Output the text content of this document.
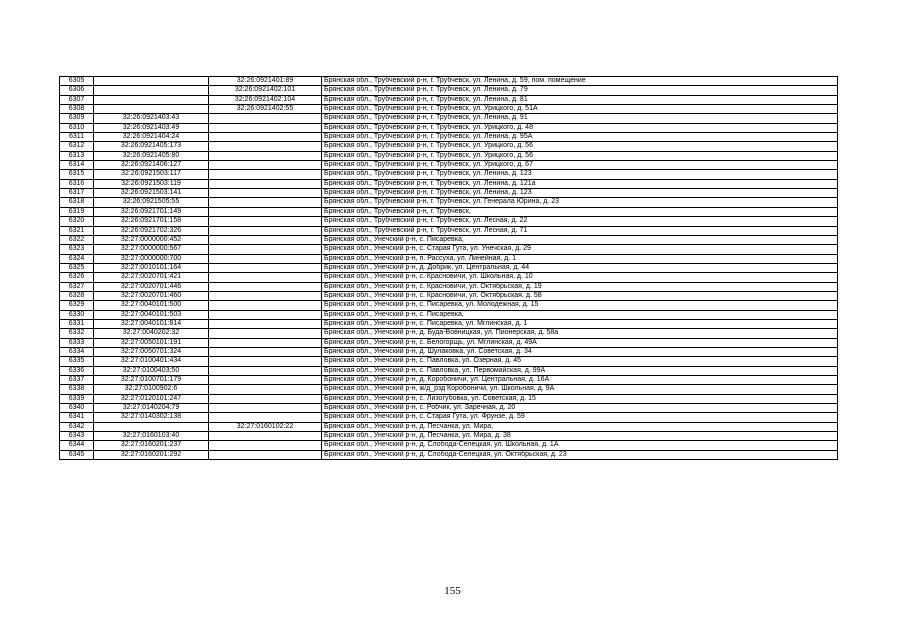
6305		32:26:0921401:89	Брянская обл., Трубчевский р-н, г. Трубчевск, ул. Ленина, д. 59, пом. помещение
6306		32:26:0921402:101	Брянская обл., Трубчевский р-н, г. Трубчевск, ул. Ленина, д. 79
6307		32:26:0921402:104	Брянская обл., Трубчевский р-н, г. Трубчевск, ул. Ленина, д. 81
6308		32:26:0921402:55	Брянская обл., Трубчевский р-н, г. Трубчевск, ул. Урицкого, д. 51А
6309	32:26:0921403:43		Брянская обл., Трубчевский р-н, г. Трубчевск, ул. Ленина, д. 91
6310	32:26:0921403:49		Брянская обл., Трубчевский р-н, г. Трубчевск, ул. Урицкого, д. 48
6311	32:26:0921404:24		Брянская обл., Трубчевский р-н, г. Трубчевск, ул. Ленина, д. 95А
6312	32:26:0921405:173		Брянская обл., Трубчевский р-н, г. Трубчевск, ул. Урицкого, д. 56
6313	32:26:0921405:80		Брянская обл., Трубчевский р-н, г. Трубчевск, ул. Урицкого, д. 56
6314	32:26:0921406:127		Брянская обл., Трубчевский р-н, г. Трубчевск, ул. Урицкого, д. 67
6315	32:26:0921503:117		Брянская обл., Трубчевский р-н, г. Трубчевск, ул. Ленина, д. 123
6316	32:26:0921503:119		Брянская обл., Трубчевский р-н, г. Трубчевск, ул. Ленина, д. 121а
6317	32:26:0921503:141		Брянская обл., Трубчевский р-н, г. Трубчевск, ул. Ленина, д. 123
6318	32:26:0921505:55		Брянская обл., Трубчевский р-н, г. Трубчевск, ул. Генерала Юрина, д. 23
6319	32:26:0921701:149		Брянская обл., Трубчевский р-н, г. Трубчевск,
6320	32:26:0921701:158		Брянская обл., Трубчевский р-н, г. Трубчевск, ул. Лесная, д. 22
6321	32:26:0921702:326		Брянская обл., Трубчевский р-н, г. Трубчевск, ул. Лесная, д. 71
6322	32:27:0000000:452		Брянская обл., Унечский р-н, с. Писаревка,
6323	32:27:0000000:567		Брянская обл., Унечский р-н, с. Старая Гута, ул. Унечская, д. 29
6324	32:27:0000000:700		Брянская обл., Унечский р-н, п. Рассуха, ул. Линейная, д. 1
6325	32:27:0010101:164		Брянская обл., Унечский р-н, д. Добрик, ул. Центральная, д. 44
6326	32:27:0020701:421		Брянская обл., Унечский р-н, с. Красновичи, ул. Школьная, д. 10
6327	32:27:0020701:446		Брянская обл., Унечский р-н, с. Красновичи, ул. Октябрьская, д. 19
6328	32:27:0020701:460		Брянская обл., Унечский р-н, с. Красновичи, ул. Октябрьская, д. 58
6329	32:27:0040101:500		Брянская обл., Унечский р-н, с. Писаревка, ул. Молодежная, д. 15
6330	32:27:0040101:503		Брянская обл., Унечский р-н, с. Писаревка,
6331	32:27:0040101:814		Брянская обл., Унечский р-н, с. Писаревка, ул. Мглинская, д. 1
6332	32:27:0040202:32		Брянская обл., Унечский р-н, д. Буда-Вовницкая, ул. Пионерская, д. 58а
6333	32:27:0050101:191		Брянская обл., Унечский р-н, с. Белогорщь, ул. Мглинская, д. 49А
6334	32:27:0050701:324		Брянская обл., Унечский р-н, д. Шулаковка, ул. Советская, д. 34
6335	32:27:0100401:434		Брянская обл., Унечский р-н, с. Павловка, ул. Озерная, д. 45
6336	32:27:0100403:50		Брянская обл., Унечский р-н, с. Павловка, ул. Первомайская, д. 99А
6337	32:27:0100701:179		Брянская обл., Унечский р-н, д. Коробоничи, ул. Центральная, д. 16А
6338	32:27:0100902:6		Брянская обл., Унечский р-н, ж/д_рзд Коробоничи, ул. Школьная, д. 9А
6339	32:27:0120101:247		Брянская обл., Унечский р-н, с. Лизогубовка, ул. Советская, д. 15
6340	32:27:0140204:79		Брянская обл., Унечский р-н, с. Робчик, ул. Заречная, д. 20
6341	32:27:0140302:138		Брянская обл., Унечский р-н, с. Старая Гута, ул. Фрунзе, д. 59
6342		32:27:0160102:22	Брянская обл., Унечский р-н, д. Песчанка, ул. Мира,
6343	32:27:0160103:40		Брянская обл., Унечский р-н, д. Песчанка, ул. Мира, д. 38
6344	32:27:0160201:237		Брянская обл., Унечский р-н, д. Слобода-Селецкая, ул. Школьная, д. 1А
6345	32:27:0160201:292		Брянская обл., Унечский р-н, д. Слобода-Селецкая, ул. Октябрьская, д. 23
155
